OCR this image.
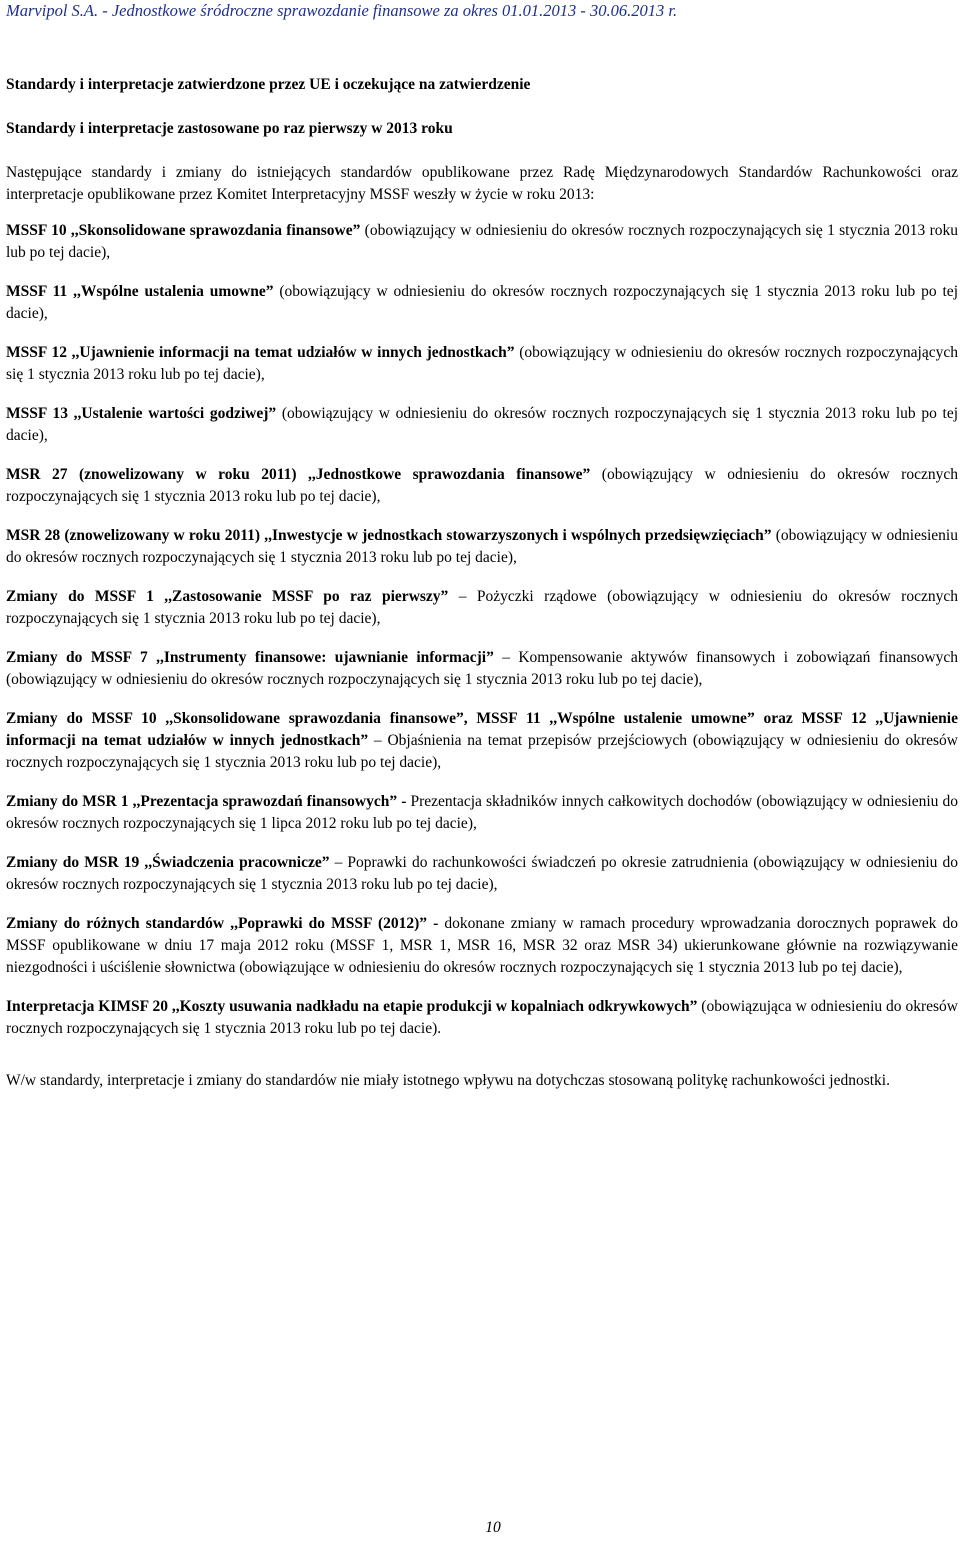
Marvipol S.A. - Jednostkowe śródroczne sprawozdanie finansowe za okres 01.01.2013 - 30.06.2013 r.

Standardy i interpretacje zatwierdzone przez UE i oczekujące na zatwierdzenie

Standardy i interpretacje zastosowane po raz pierwszy w 2013 roku

Następujące standardy i zmiany do istniejących standardów opublikowane przez Radę Międzynarodowych Standardów Rachunkowości oraz interpretacje opublikowane przez Komitet Interpretacyjny MSSF weszły w życie w roku 2013:

MSSF 10 ,,Skonsolidowane sprawozdania finansowe” (obowiązujący w odniesieniu do okresów rocznych rozpoczynających się 1 stycznia 2013 roku lub po tej dacie),

MSSF 11 ,,Wspólne ustalenia umowne” (obowiązujący w odniesieniu do okresów rocznych rozpoczynających się 1 stycznia 2013 roku lub po tej dacie),

MSSF 12 ,,Ujawnienie informacji na temat udziałów w innych jednostkach” (obowiązujący w odniesieniu do okresów rocznych rozpoczynających się 1 stycznia 2013 roku lub po tej dacie),

MSSF 13 ,,Ustalenie wartości godziwej” (obowiązujący w odniesieniu do okresów rocznych rozpoczynających się 1 stycznia 2013 roku lub po tej dacie),

MSR 27 (znowelizowany w roku 2011) ,,Jednostkowe sprawozdania finansowe” (obowiązujący w odniesieniu do okresów rocznych rozpoczynających się 1 stycznia 2013 roku lub po tej dacie),

MSR 28 (znowelizowany w roku 2011) ,,Inwestycje w jednostkach stowarzyszonych i wspólnych przedsięwzięciach” (obowiązujący w odniesieniu do okresów rocznych rozpoczynających się 1 stycznia 2013 roku lub po tej dacie),

Zmiany do MSSF 1 ,,Zastosowanie MSSF po raz pierwszy” – Pożyczki rządowe (obowiązujący w odniesieniu do okresów rocznych rozpoczynających się 1 stycznia 2013 roku lub po tej dacie),

Zmiany do MSSF 7 ,,Instrumenty finansowe: ujawnianie informacji” – Kompensowanie aktywów finansowych i zobowiązań finansowych (obowiązujący w odniesieniu do okresów rocznych rozpoczynających się 1 stycznia 2013 roku lub po tej dacie),

Zmiany do MSSF 10 ,,Skonsolidowane sprawozdania finansowe”, MSSF 11 ,,Wspólne ustalenie umowne” oraz MSSF 12 ,,Ujawnienie informacji na temat udziałów w innych jednostkach” – Objaśnienia na temat przepisów przejściowych (obowiązujący w odniesieniu do okresów rocznych rozpoczynających się 1 stycznia 2013 roku lub po tej dacie),

Zmiany do MSR 1 ,,Prezentacja sprawozdań finansowych” - Prezentacja składników innych całkowitych dochodów (obowiązujący w odniesieniu do okresów rocznych rozpoczynających się 1 lipca 2012 roku lub po tej dacie),

Zmiany do MSR 19 ,,Świadczenia pracownicze” – Poprawki do rachunkowości świadczeń po okresie zatrudnienia (obowiązujący w odniesieniu do okresów rocznych rozpoczynających się 1 stycznia 2013 roku lub po tej dacie),

Zmiany do różnych standardów ,,Poprawki do MSSF (2012)” - dokonane zmiany w ramach procedury wprowadzania dorocznych poprawek do MSSF opublikowane w dniu 17 maja 2012 roku (MSSF 1, MSR 1, MSR 16, MSR 32 oraz MSR 34) ukierunkowane głównie na rozwiązywanie niezgodności i uściślenie słownictwa (obowiązujące w odniesieniu do okresów rocznych rozpoczynających się 1 stycznia 2013 lub po tej dacie),

Interpretacja KIMSF 20 ,,Koszty usuwania nadkładu na etapie produkcji w kopalniach odkrywkowych” (obowiązująca w odniesieniu do okresów rocznych rozpoczynających się 1 stycznia 2013 roku lub po tej dacie).

W/w standardy, interpretacje i zmiany do standardów nie miały istotnego wpływu na dotychczas stosowaną politykę rachunkowości jednostki.

10
